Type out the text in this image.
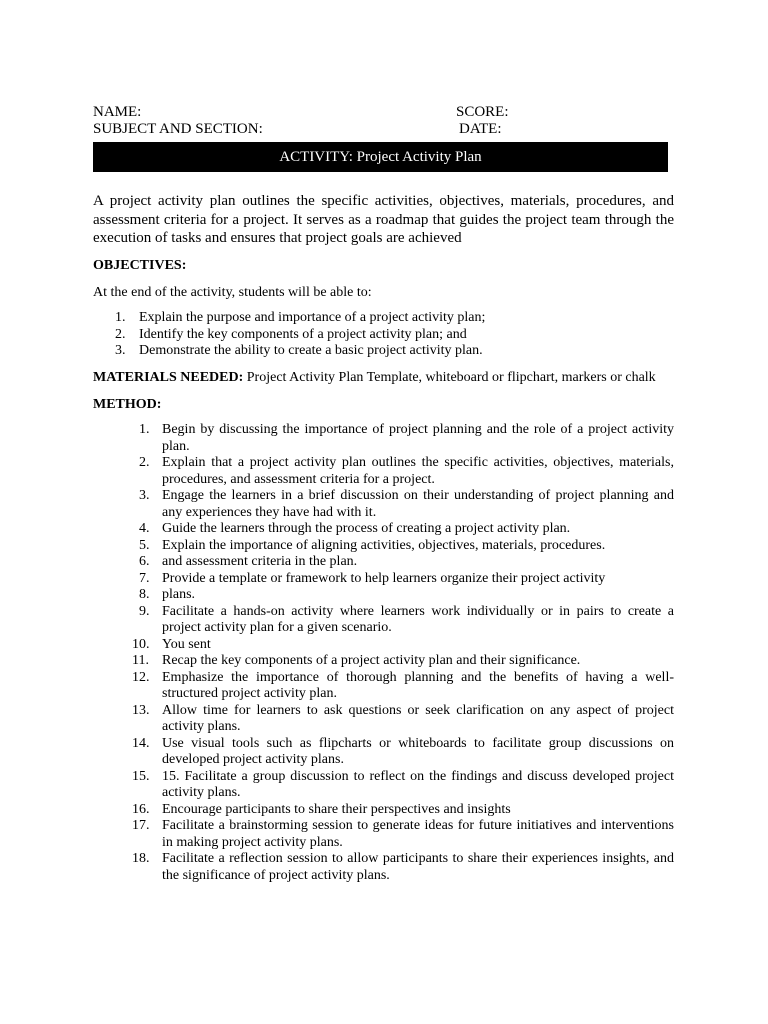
NAME:	SCORE:
SUBJECT AND SECTION:	DATE:
ACTIVITY: Project Activity Plan

A project activity plan outlines the specific activities, objectives, materials, procedures, and assessment criteria for a project. It serves as a roadmap that guides the project team through the execution of tasks and ensures that project goals are achieved

OBJECTIVES:

At the end of the activity, students will be able to:

1. Explain the purpose and importance of a project activity plan;
2. Identify the key components of a project activity plan; and
3. Demonstrate the ability to create a basic project activity plan.

MATERIALS NEEDED: Project Activity Plan Template, whiteboard or flipchart, markers or chalk

METHOD:

1. Begin by discussing the importance of project planning and the role of a project activity plan.
2. Explain that a project activity plan outlines the specific activities, objectives, materials, procedures, and assessment criteria for a project.
3. Engage the learners in a brief discussion on their understanding of project planning and any experiences they have had with it.
4. Guide the learners through the process of creating a project activity plan.
5. Explain the importance of aligning activities, objectives, materials, procedures.
6. and assessment criteria in the plan.
7. Provide a template or framework to help learners organize their project activity
8. plans.
9. Facilitate a hands-on activity where learners work individually or in pairs to create a project activity plan for a given scenario.
10. You sent
11. Recap the key components of a project activity plan and their significance.
12. Emphasize the importance of thorough planning and the benefits of having a well-structured project activity plan.
13. Allow time for learners to ask questions or seek clarification on any aspect of project activity plans.
14. Use visual tools such as flipcharts or whiteboards to facilitate group discussions on developed project activity plans.
15. 15. Facilitate a group discussion to reflect on the findings and discuss developed project activity plans.
16. Encourage participants to share their perspectives and insights
17. Facilitate a brainstorming session to generate ideas for future initiatives and interventions in making project activity plans.
18. Facilitate a reflection session to allow participants to share their experiences insights, and the significance of project activity plans.
